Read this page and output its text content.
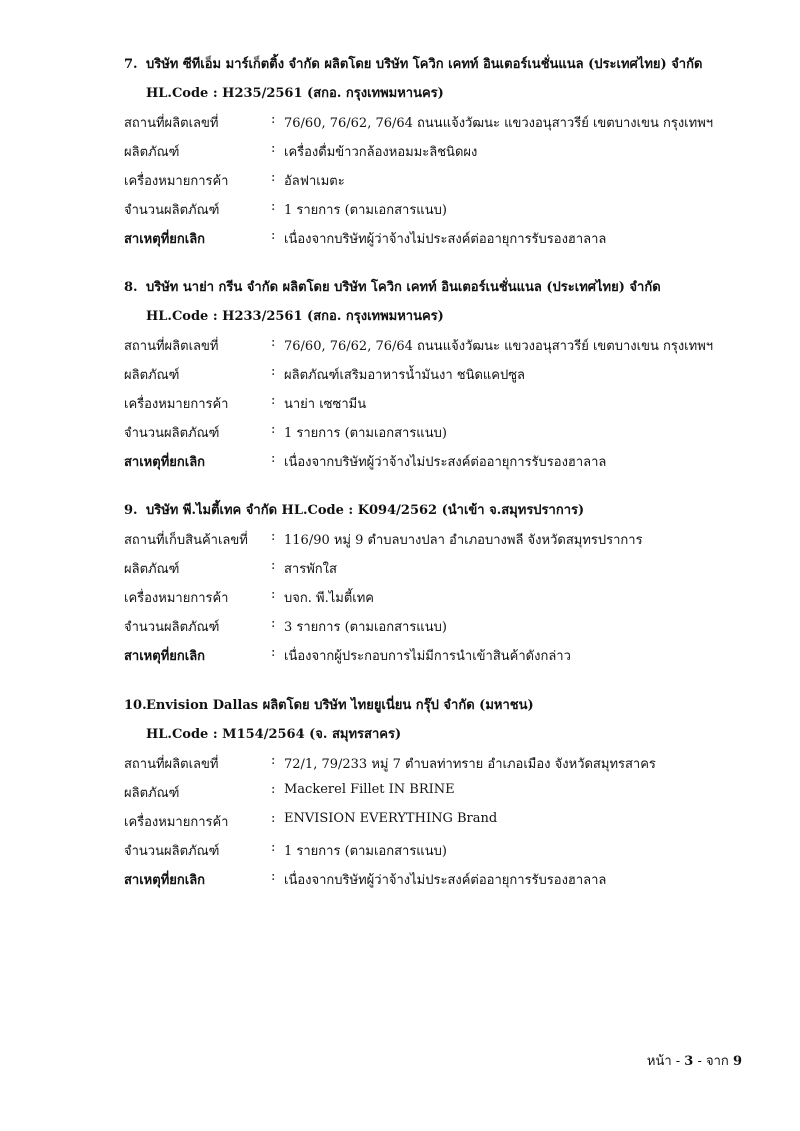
7. บริษัท ซีทีเอ็ม มาร์เก็ตติ้ง จำกัด ผลิตโดย บริษัท โควิก เคทท์ อินเตอร์เนชั่นแนล (ประเทศไทย) จำกัด
HL.Code : H235/2561 (สกอ. กรุงเทพมหานคร)
สถานที่ผลิตเลขที่	: 76/60, 76/62, 76/64 ถนนแจ้งวัฒนะ แขวงอนุสาวรีย์ เขตบางเขน กรุงเทพฯ
ผลิตภัณฑ์	: เครื่องดื่มข้าวกล้องหอมมะลิชนิดผง
เครื่องหมายการค้า	: อัลฟาเมตะ
จำนวนผลิตภัณฑ์	: 1 รายการ (ตามเอกสารแนบ)
สาเหตุที่ยกเลิก	: เนื่องจากบริษัทผู้ว่าจ้างไม่ประสงค์ต่ออายุการรับรองฮาลาล
8. บริษัท นาย่า กรีน จำกัด ผลิตโดย บริษัท โควิก เคทท์ อินเตอร์เนชั่นแนล (ประเทศไทย) จำกัด
HL.Code : H233/2561 (สกอ. กรุงเทพมหานคร)
สถานที่ผลิตเลขที่	: 76/60, 76/62, 76/64 ถนนแจ้งวัฒนะ แขวงอนุสาวรีย์ เขตบางเขน กรุงเทพฯ
ผลิตภัณฑ์	: ผลิตภัณฑ์เสริมอาหารน้ำมันงา ชนิดแคปซูล
เครื่องหมายการค้า	: นาย่า เซซามีน
จำนวนผลิตภัณฑ์	: 1 รายการ (ตามเอกสารแนบ)
สาเหตุที่ยกเลิก	: เนื่องจากบริษัทผู้ว่าจ้างไม่ประสงค์ต่ออายุการรับรองฮาลาล
9. บริษัท พี.ไมตี้เทค จำกัด HL.Code : K094/2562 (นำเข้า จ.สมุทรปราการ)
สถานที่เก็บสินค้าเลขที่ : 116/90 หมู่ 9 ตำบลบางปลา อำเภอบางพลี จังหวัดสมุทรปราการ
ผลิตภัณฑ์	: สารพักใส
เครื่องหมายการค้า	: บจก. พี.ไมตี้เทค
จำนวนผลิตภัณฑ์	: 3 รายการ (ตามเอกสารแนบ)
สาเหตุที่ยกเลิก	: เนื่องจากผู้ประกอบการไม่มีการนำเข้าสินค้าดังกล่าว
10.Envision Dallas ผลิตโดย บริษัท ไทยยูเนี่ยน กรุ๊ป จำกัด (มหาชน)
HL.Code : M154/2564 (จ. สมุทรสาคร)
สถานที่ผลิตเลขที่	: 72/1, 79/233 หมู่ 7 ตำบลท่าทราย อำเภอเมือง จังหวัดสมุทรสาคร
ผลิตภัณฑ์	: Mackerel Fillet IN BRINE
เครื่องหมายการค้า	: ENVISION EVERYTHING Brand
จำนวนผลิตภัณฑ์	: 1 รายการ (ตามเอกสารแนบ)
สาเหตุที่ยกเลิก	: เนื่องจากบริษัทผู้ว่าจ้างไม่ประสงค์ต่ออายุการรับรองฮาลาล
หน้า - 3 - จาก 9
